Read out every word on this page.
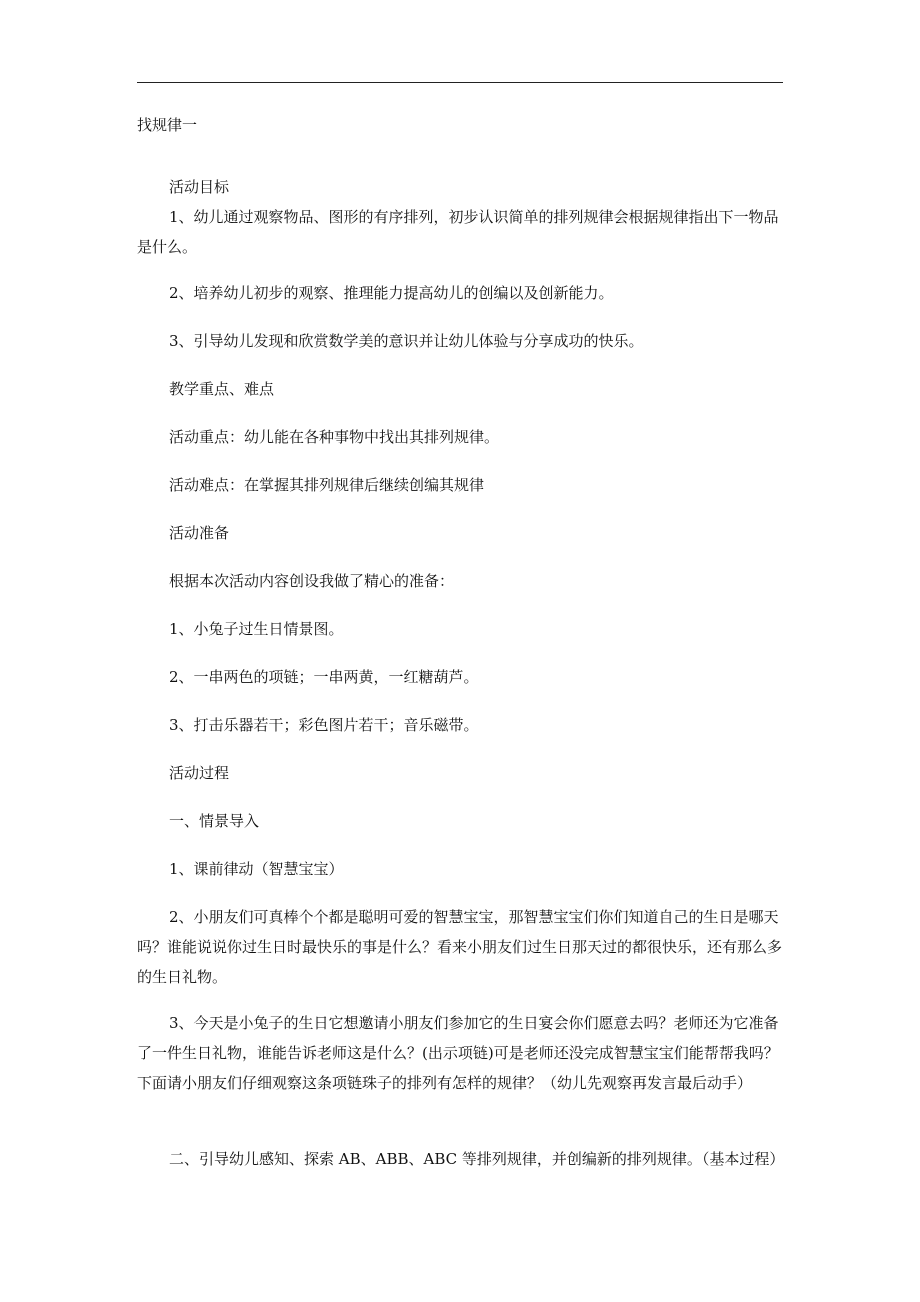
找规律一

活动目标

1、幼儿通过观察物品、图形的有序排列，初步认识简单的排列规律会根据规律指出下一物品是什么。

2、培养幼儿初步的观察、推理能力提高幼儿的创编以及创新能力。

3、引导幼儿发现和欣赏数学美的意识并让幼儿体验与分享成功的快乐。

教学重点、难点

活动重点：幼儿能在各种事物中找出其排列规律。

活动难点：在掌握其排列规律后继续创编其规律

活动准备

根据本次活动内容创设我做了精心的准备：

1、小兔子过生日情景图。

2、一串两色的项链；一串两黄，一红糖葫芦。

3、打击乐器若干；彩色图片若干；音乐磁带。

活动过程

一、情景导入

1、课前律动（智慧宝宝）

2、小朋友们可真棒个个都是聪明可爱的智慧宝宝，那智慧宝宝们你们知道自己的生日是哪天吗？谁能说说你过生日时最快乐的事是什么？看来小朋友们过生日那天过的都很快乐，还有那么多的生日礼物。

3、今天是小兔子的生日它想邀请小朋友们参加它的生日宴会你们愿意去吗？老师还为它准备了一件生日礼物，谁能告诉老师这是什么？(出示项链)可是老师还没完成智慧宝宝们能帮帮我吗？下面请小朋友们仔细观察这条项链珠子的排列有怎样的规律？（幼儿先观察再发言最后动手）

二、引导幼儿感知、探索 AB、ABB、ABC 等排列规律，并创编新的排列规律。（基本过程）
